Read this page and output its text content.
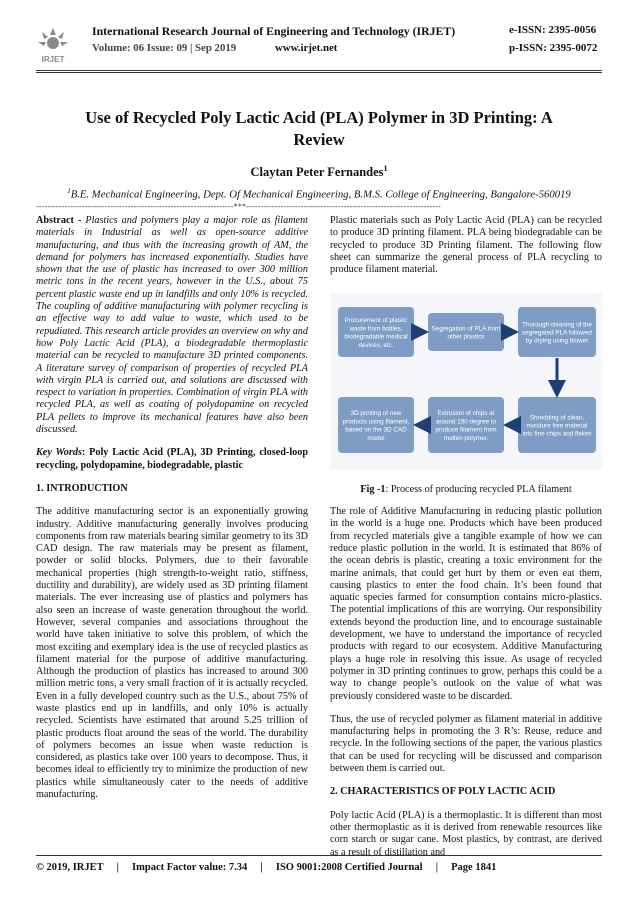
IRJET
International Research Journal of Engineering and Technology (IRJET)	e-ISSN: 2395-0056
Volume: 06 Issue: 09 | Sep 2019	www.irjet.net	p-ISSN: 2395-0072
Use of Recycled Poly Lactic Acid (PLA) Polymer in 3D Printing: A Review
Claytan Peter Fernandes$^1$
$^1$B.E. Mechanical Engineering, Dept. Of Mechanical Engineering, B.M.S. College of Engineering, Bangalore-560019
---------------------------------------------------------------------***--------------------------------------------------------------------

Abstract - Plastics and polymers play a major role as filament materials in Industrial as well as open-source additive manufacturing, and thus with the increasing growth of AM, the demand for polymers has increased exponentially. Studies have shown that the use of plastic has increased to over 300 million metric tons in the recent years, however in the U.S., about 75 percent plastic waste end up in landfills and only 10% is recycled. The coupling of additive manufacturing with polymer recycling is an effective way to add value to waste, which used to be repudiated. This research article provides an overview on why and how Poly Lactic Acid (PLA), a biodegradable thermoplastic material can be recycled to manufacture 3D printed components. A literature survey of comparison of properties of recycled PLA with virgin PLA is carried out, and solutions are discussed with respect to variation in properties. Combination of virgin PLA with recycled PLA, as well as coating of polydopamine on recycled PLA pellets to improve its mechanical features have also been discussed.

Key Words: Poly Lactic Acid (PLA), 3D Printing, closed-loop recycling, polydopamine, biodegradable, plastic

1. INTRODUCTION

The additive manufacturing sector is an exponentially growing industry. Additive manufacturing generally involves producing components from raw materials bearing similar geometry to its 3D CAD design. The raw materials may be present as filament, powder or solid blocks. Polymers, due to their favorable mechanical properties (high strength-to-weight ratio, stiffness, ductility and durability), are widely used as 3D printing filament materials. The ever increasing use of plastics and polymers has also seen an increase of waste generation throughout the world. However, several companies and associations throughout the world have taken initiative to solve this problem, of which the most exciting and exemplary idea is the use of recycled plastics as filament material for the purpose of additive manufacturing. Although the production of plastics has increased to around 300 million metric tons, a very small fraction of it is actually recycled. Even in a fully developed country such as the U.S., about 75% of waste plastics end up in landfills, and only 10% is actually recycled. Scientists have estimated that around 5.25 trillion of plastic products float around the seas of the world. The durability of polymers becomes an issue when waste reduction is considered, as plastics take over 100 years to decompose. Thus, it becomes ideal to efficiently try to minimize the production of new plastics while simultaneously cater to the needs of additive manufacturing.

Plastic materials such as Poly Lactic Acid (PLA) can be recycled to produce 3D printing filament. PLA being biodegradable can be recycled to produce 3D Printing filament. The following flow sheet can summarize the general process of PLA recycling to produce filament material.

Procurement of plastic
waste from bottles,
biodegradable medical
devices, etc.
Segregation of PLA from
other plastics
Thorough cleaning of the
segregated PLA followed
by drying using blower
3D printing of new
products using filament,
based on the 3D CAD
model
Extrusion of chips at
around 190 degree to
produce filament from
molten polymer.
Shredding of clean,
moisture free material
into fine chips and flakes
Fig -1: Process of producing recycled PLA filament

The role of Additive Manufacturing in reducing plastic pollution in the world is a huge one. Products which have been produced from recycled materials give a tangible example of how we can reduce plastic pollution in the world. It is estimated that 86% of the ocean debris is plastic, creating a toxic environment for the marine animals, that could get hurt by them or even eat them, causing plastics to enter the food chain. It’s been found that aquatic species farmed for consumption contains micro-plastics. The potential implications of this are worrying. Our responsibility extends beyond the production line, and to encourage sustainable development, we have to understand the importance of recycled products with regard to our ecosystem. Additive Manufacturing plays a huge role in resolving this issue. As usage of recycled polymer in 3D printing continues to grow, perhaps this could be a way to change people’s outlook on the value of what was previously considered waste to be discarded.

Thus, the use of recycled polymer as filament material in additive manufacturing helps in promoting the 3 R’s: Reuse, reduce and recycle. In the following sections of the paper, the various plastics that can be used for recycling will be discussed and comparison between them is carried out.

2. CHARACTERISTICS OF POLY LACTIC ACID

Poly lactic Acid (PLA) is a thermoplastic. It is different than most other thermoplastic as it is derived from renewable resources like corn starch or sugar cane. Most plastics, by contrast, are derived as a result of distillation and

© 2019, IRJET     |     Impact Factor value: 7.34     |     ISO 9001:2008 Certified Journal     |     Page 1841
